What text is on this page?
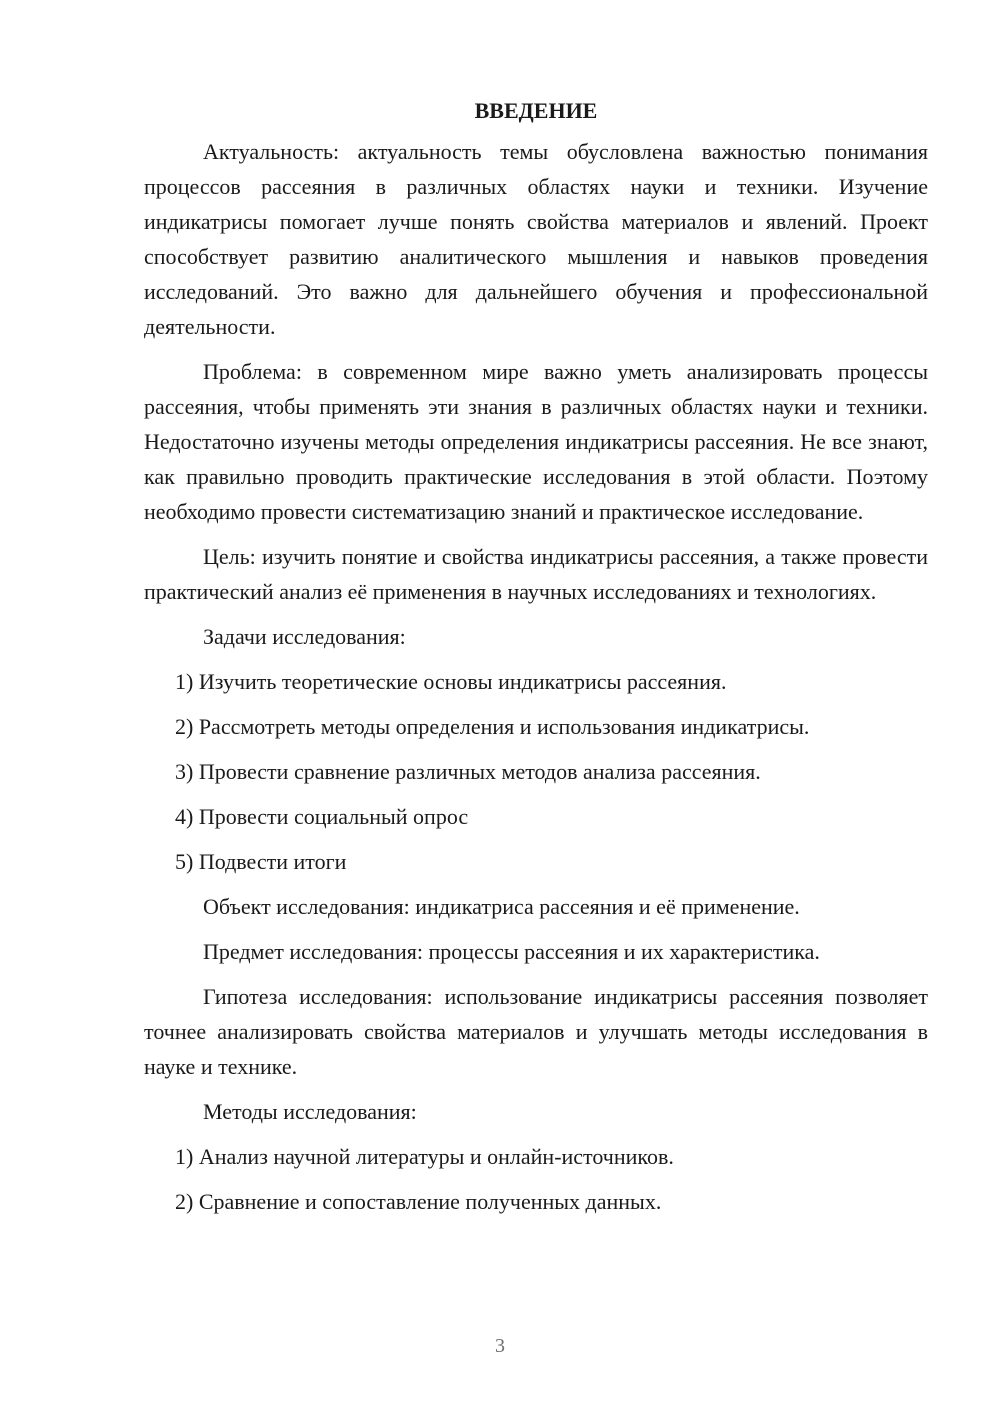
ВВЕДЕНИЕ

Актуальность: актуальность темы обусловлена важностью понимания процессов рассеяния в различных областях науки и техники. Изучение индикатрисы помогает лучше понять свойства материалов и явлений. Проект способствует развитию аналитического мышления и навыков проведения исследований. Это важно для дальнейшего обучения и профессиональной деятельности.

Проблема: в современном мире важно уметь анализировать процессы рассеяния, чтобы применять эти знания в различных областях науки и техники. Недостаточно изучены методы определения индикатрисы рассеяния. Не все знают, как правильно проводить практические исследования в этой области. Поэтому необходимо провести систематизацию знаний и практическое исследование.

Цель: изучить понятие и свойства индикатрисы рассеяния, а также провести практический анализ её применения в научных исследованиях и технологиях.

Задачи исследования:
1) Изучить теоретические основы индикатрисы рассеяния.
2) Рассмотреть методы определения и использования индикатрисы.
3) Провести сравнение различных методов анализа рассеяния.
4) Провести социальный опрос
5) Подвести итоги
Объект исследования: индикатриса рассеяния и её применение.
Предмет исследования: процессы рассеяния и их характеристика.

Гипотеза исследования: использование индикатрисы рассеяния позволяет точнее анализировать свойства материалов и улучшать методы исследования в науке и технике.

Методы исследования:
1) Анализ научной литературы и онлайн-источников.
2) Сравнение и сопоставление полученных данных.
3
